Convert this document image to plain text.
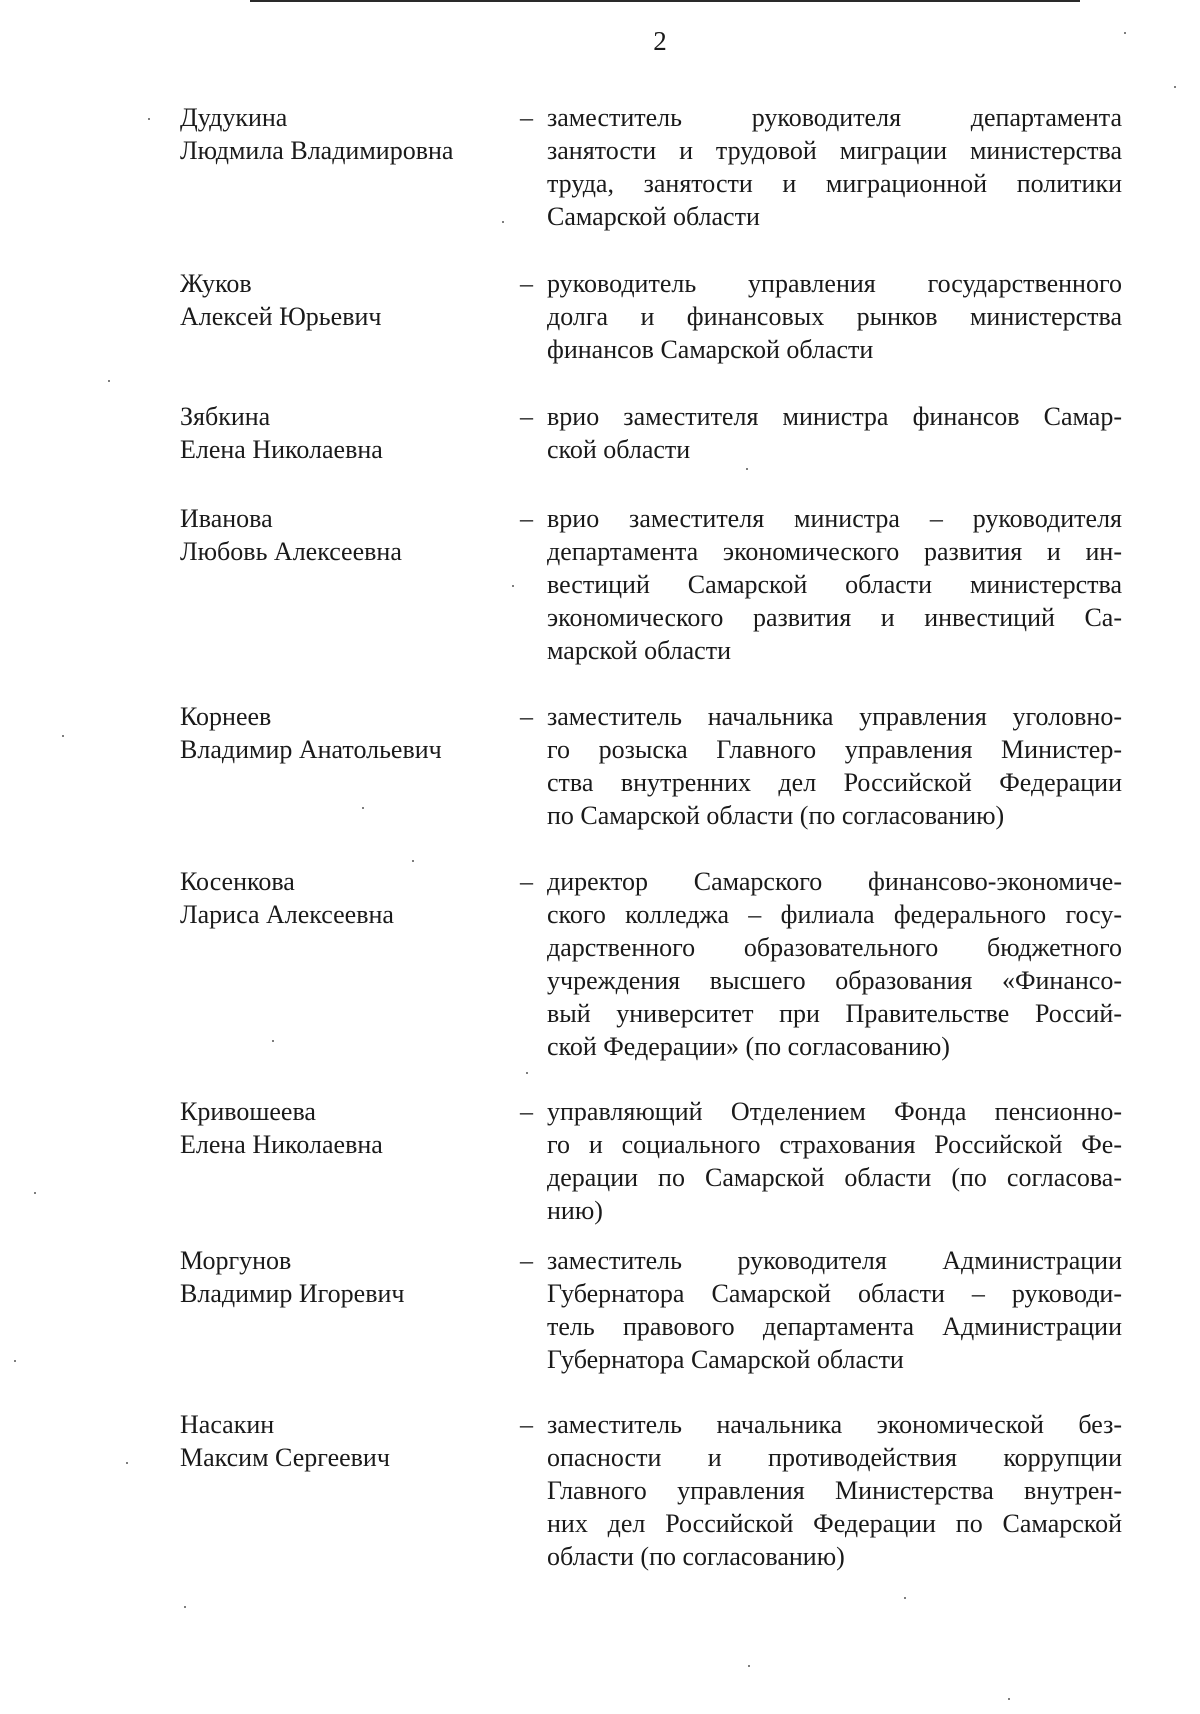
2
Дудукина
Людмила Владимировна
– заместитель руководителя департамента
занятости и трудовой миграции министерства
труда, занятости и миграционной политики
Самарской области
Жуков
Алексей Юрьевич
– руководитель управления государственного
долга и финансовых рынков министерства
финансов Самарской области
Зябкина
Елена Николаевна
– врио заместителя министра финансов Самар-
ской области
Иванова
Любовь Алексеевна
– врио заместителя министра – руководителя
департамента экономического развития и ин-
вестиций Самарской области министерства
экономического развития и инвестиций Са-
марской области
Корнеев
Владимир Анатольевич
– заместитель начальника управления уголовно-
го розыска Главного управления Министер-
ства внутренних дел Российской Федерации
по Самарской области (по согласованию)
Косенкова
Лариса Алексеевна
– директор Самарского финансово-экономиче-
ского колледжа – филиала федерального госу-
дарственного образовательного бюджетного
учреждения высшего образования «Финансо-
вый университет при Правительстве Россий-
ской Федерации» (по согласованию)
Кривошеева
Елена Николаевна
– управляющий Отделением Фонда пенсионно-
го и социального страхования Российской Фе-
дерации по Самарской области (по согласова-
нию)
Моргунов
Владимир Игоревич
– заместитель руководителя Администрации
Губернатора Самарской области – руководи-
тель правового департамента Администрации
Губернатора Самарской области
Насакин
Максим Сергеевич
– заместитель начальника экономической без-
опасности и противодействия коррупции
Главного управления Министерства внутрен-
них дел Российской Федерации по Самарской
области (по согласованию)
